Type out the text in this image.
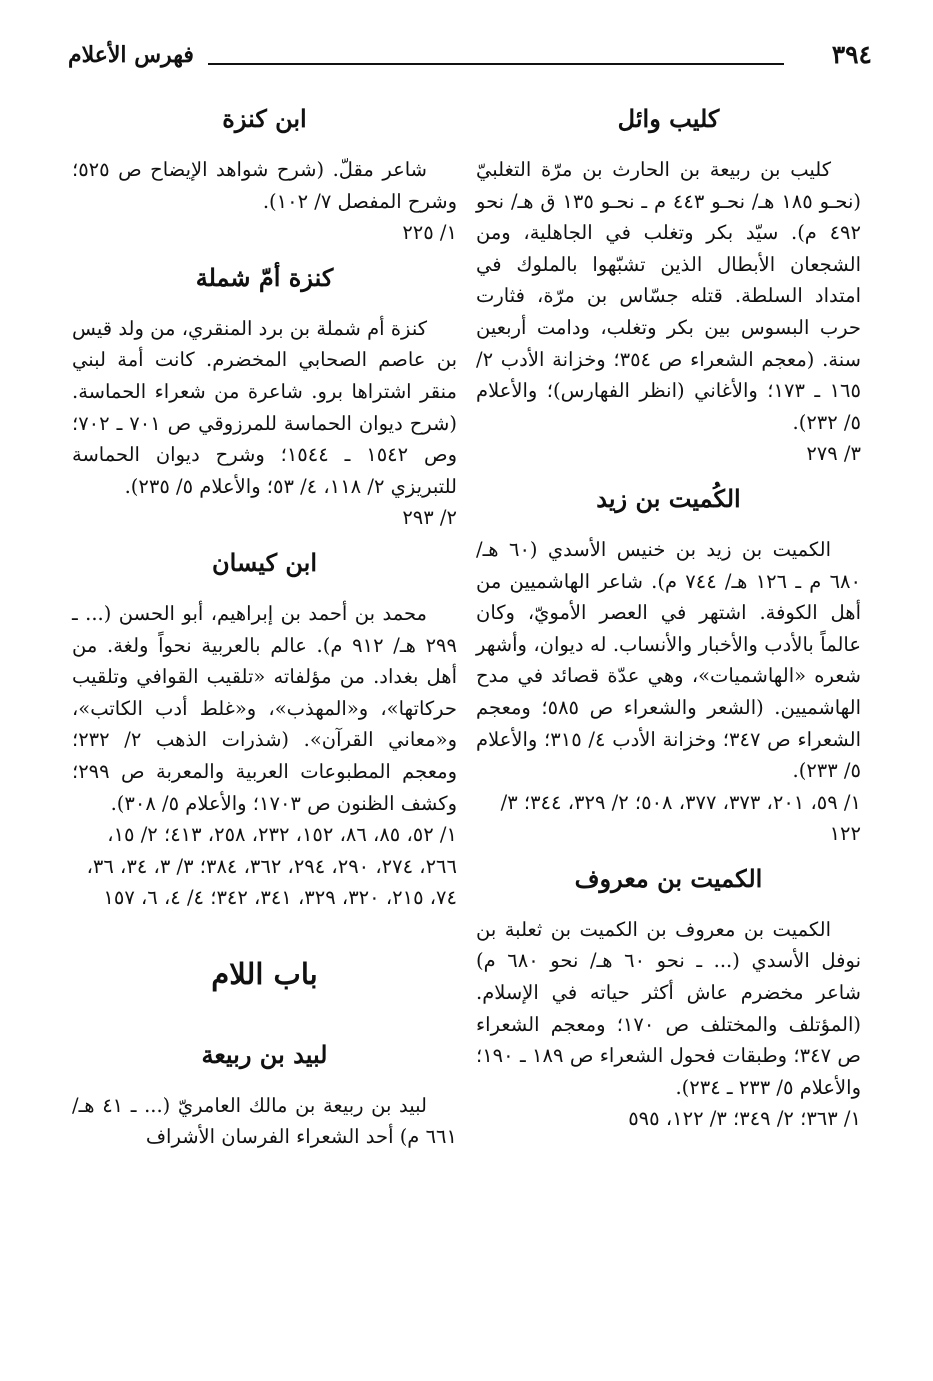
٣٩٤
فهرس الأعلام
كليب وائل
كليب بن ربيعة بن الحارث بن مرّة التغلبيّ (نحـو ١٨٥ هـ/ نحـو ٤٤٣ م ـ نحـو ١٣٥ ق هـ/ نحو ٤٩٢ م). سيّد بكر وتغلب في الجاهلية، ومن الشجعان الأبطال الذين تشبّهوا بالملوك في امتداد السلطة. قتله جسّاس بن مرّة، فثارت حرب البسوس بين بكر وتغلب، ودامت أربعين سنة. (معجم الشعراء ص ٣٥٤؛ وخزانة الأدب ٢/ ١٦٥ ـ ١٧٣؛ والأغاني (انظر الفهارس)؛ والأعلام ٥/ ٢٣٢).
٣/ ٢٧٩
الكُميت بن زيد
الكميت بن زيد بن خنيس الأسدي (٦٠ هـ/ ٦٨٠ م ـ ١٢٦ هـ/ ٧٤٤ م). شاعر الهاشميين من أهل الكوفة. اشتهر في العصر الأمويّ، وكان عالماً بالأدب والأخبار والأنساب. له ديوان، وأشهر شعره «الهاشميات»، وهي عدّة قصائد في مدح الهاشميين. (الشعر والشعراء ص ٥٨٥؛ ومعجم الشعراء ص ٣٤٧؛ وخزانة الأدب ٤/ ٣١٥؛ والأعلام ٥/ ٢٣٣).
١/ ٥٩، ٢٠١، ٣٧٣، ٣٧٧، ٥٠٨؛ ٢/ ٣٢٩، ٣٤٤؛ ٣/ ١٢٢
الكميت بن معروف
الكميت بن معروف بن الكميت بن ثعلبة بن نوفل الأسدي (... ـ نحو ٦٠ هـ/ نحو ٦٨٠ م) شاعر مخضرم عاش أكثر حياته في الإسلام. (المؤتلف والمختلف ص ١٧٠؛ ومعجم الشعراء ص ٣٤٧؛ وطبقات فحول الشعراء ص ١٨٩ ـ ١٩٠؛ والأعلام ٥/ ٢٣٣ ـ ٢٣٤).
١/ ٣٦٣؛ ٢/ ٣٤٩؛ ٣/ ١٢٢، ٥٩٥
ابن كنزة
شاعر مقلّ. (شرح شواهد الإيضاح ص ٥٢٥؛ وشرح المفصل ٧/ ١٠٢).
١/ ٢٢٥
كنزة أمّ شملة
كنزة أم شملة بن برد المنقري، من ولد قيس بن عاصم الصحابي المخضرم. كانت أمة لبني منقر اشتراها برو. شاعرة من شعراء الحماسة. (شرح ديوان الحماسة للمرزوقي ص ٧٠١ ـ ٧٠٢؛ وص ١٥٤٢ ـ ١٥٤٤؛ وشرح ديوان الحماسة للتبريزي ٢/ ١١٨، ٤/ ٥٣؛ والأعلام ٥/ ٢٣٥).
٢/ ٢٩٣
ابن كيسان
محمد بن أحمد بن إبراهيم، أبو الحسن (... ـ ٢٩٩ هـ/ ٩١٢ م). عالم بالعربية نحواً ولغة. من أهل بغداد. من مؤلفاته «تلقيب القوافي وتلقيب حركاتها»، و«المهذب»، و«غلط أدب الكاتب»، و«معاني القرآن». (شذرات الذهب ٢/ ٢٣٢؛ ومعجم المطبوعات العربية والمعربة ص ٢٩٩؛ وكشف الظنون ص ١٧٠٣؛ والأعلام ٥/ ٣٠٨).
١/ ٥٢، ٨٥، ٨٦، ١٥٢، ٢٣٢، ٢٥٨، ٤١٣؛ ٢/ ١٥، ٢٦٦، ٢٧٤، ٢٩٠، ٢٩٤، ٣٦٢، ٣٨٤؛ ٣/ ٣، ٣٤، ٣٦، ٧٤، ٢١٥، ٣٢٠، ٣٢٩، ٣٤١، ٣٤٢؛ ٤/ ٤، ٦، ١٥٧
باب اللام
لبيد بن ربيعة
لبيد بن ربيعة بن مالك العامريّ (... ـ ٤١ هـ/ ٦٦١ م) أحد الشعراء الفرسان الأشراف
